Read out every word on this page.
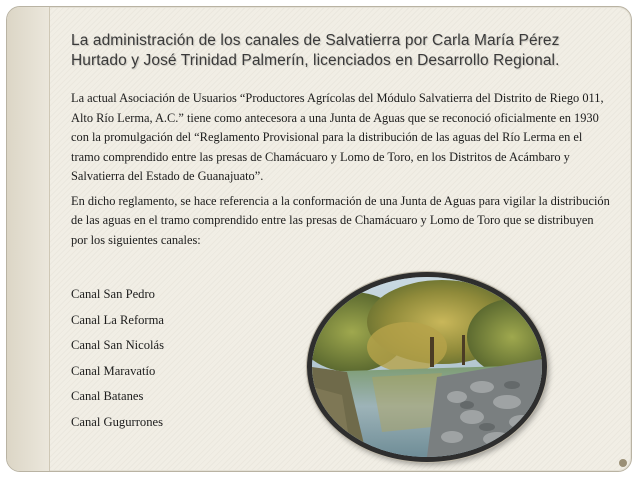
La administración de los canales de Salvatierra por Carla María Pérez
Hurtado y José Trinidad Palmerín, licenciados en Desarrollo Regional.

La actual Asociación de Usuarios “Productores Agrícolas del Módulo Salvatierra del Distrito de Riego 011, Alto Río Lerma, A.C.” tiene como antecesora a una Junta de Aguas que se reconoció oficialmente en 1930 con la promulgación del “Reglamento Provisional para la distribución de las aguas del Río Lerma en el tramo comprendido entre las presas de Chamácuaro y Lomo de Toro, en los Distritos de Acámbaro y Salvatierra del Estado de Guanajuato”.

En dicho reglamento, se hace referencia a la conformación de una Junta de Aguas para vigilar la distribución de las aguas en el tramo comprendido entre las presas de Chamácuaro y Lomo de Toro que se distribuyen por los siguientes canales:

Canal San Pedro
Canal La Reforma
Canal San Nicolás
Canal Maravatío
Canal Batanes
Canal Gugurrones
